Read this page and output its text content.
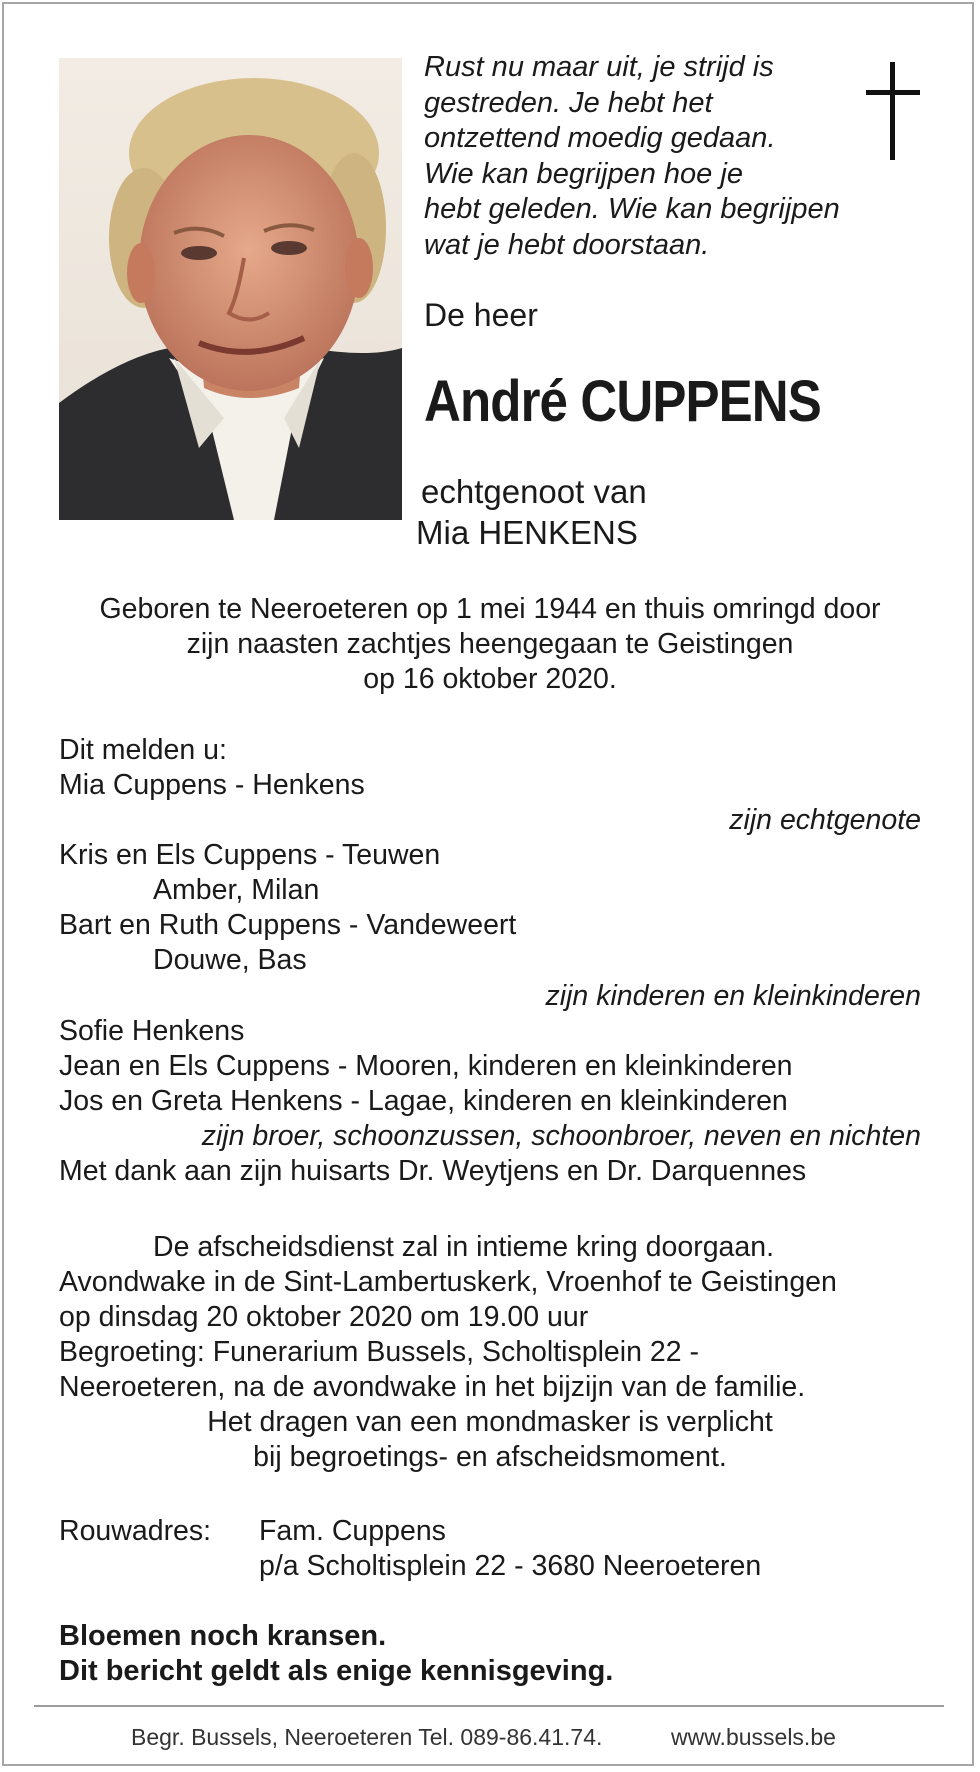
Rust nu maar uit, je strijd is
gestreden. Je hebt het
ontzettend moedig gedaan.
Wie kan begrijpen hoe je
hebt geleden. Wie kan begrijpen
wat je hebt doorstaan.
De heer
André CUPPENS
echtgenoot van
Mia HENKENS
Geboren te Neeroeteren op 1 mei 1944 en thuis omringd door
zijn naasten zachtjes heengegaan te Geistingen
op 16 oktober 2020.
Dit melden u:
Mia Cuppens - Henkens
zijn echtgenote
Kris en Els Cuppens - Teuwen
Amber, Milan
Bart en Ruth Cuppens - Vandeweert
Douwe, Bas
zijn kinderen en kleinkinderen
Sofie Henkens
Jean en Els Cuppens - Mooren, kinderen en kleinkinderen
Jos en Greta Henkens - Lagae, kinderen en kleinkinderen
zijn broer, schoonzussen, schoonbroer, neven en nichten
Met dank aan zijn huisarts Dr. Weytjens en Dr. Darquennes
De afscheidsdienst zal in intieme kring doorgaan.
Avondwake in de Sint-Lambertuskerk, Vroenhof te Geistingen
op dinsdag 20 oktober 2020 om 19.00 uur
Begroeting: Funerarium Bussels, Scholtisplein 22 -
Neeroeteren, na de avondwake in het bijzijn van de familie.
Het dragen van een mondmasker is verplicht
bij begroetings- en afscheidsmoment.
Rouwadres: Fam. Cuppens
p/a Scholtisplein 22 - 3680 Neeroeteren
Bloemen noch kransen.
Dit bericht geldt als enige kennisgeving.
Begr. Bussels, Neeroeteren Tel. 089-86.41.74.	www.bussels.be
